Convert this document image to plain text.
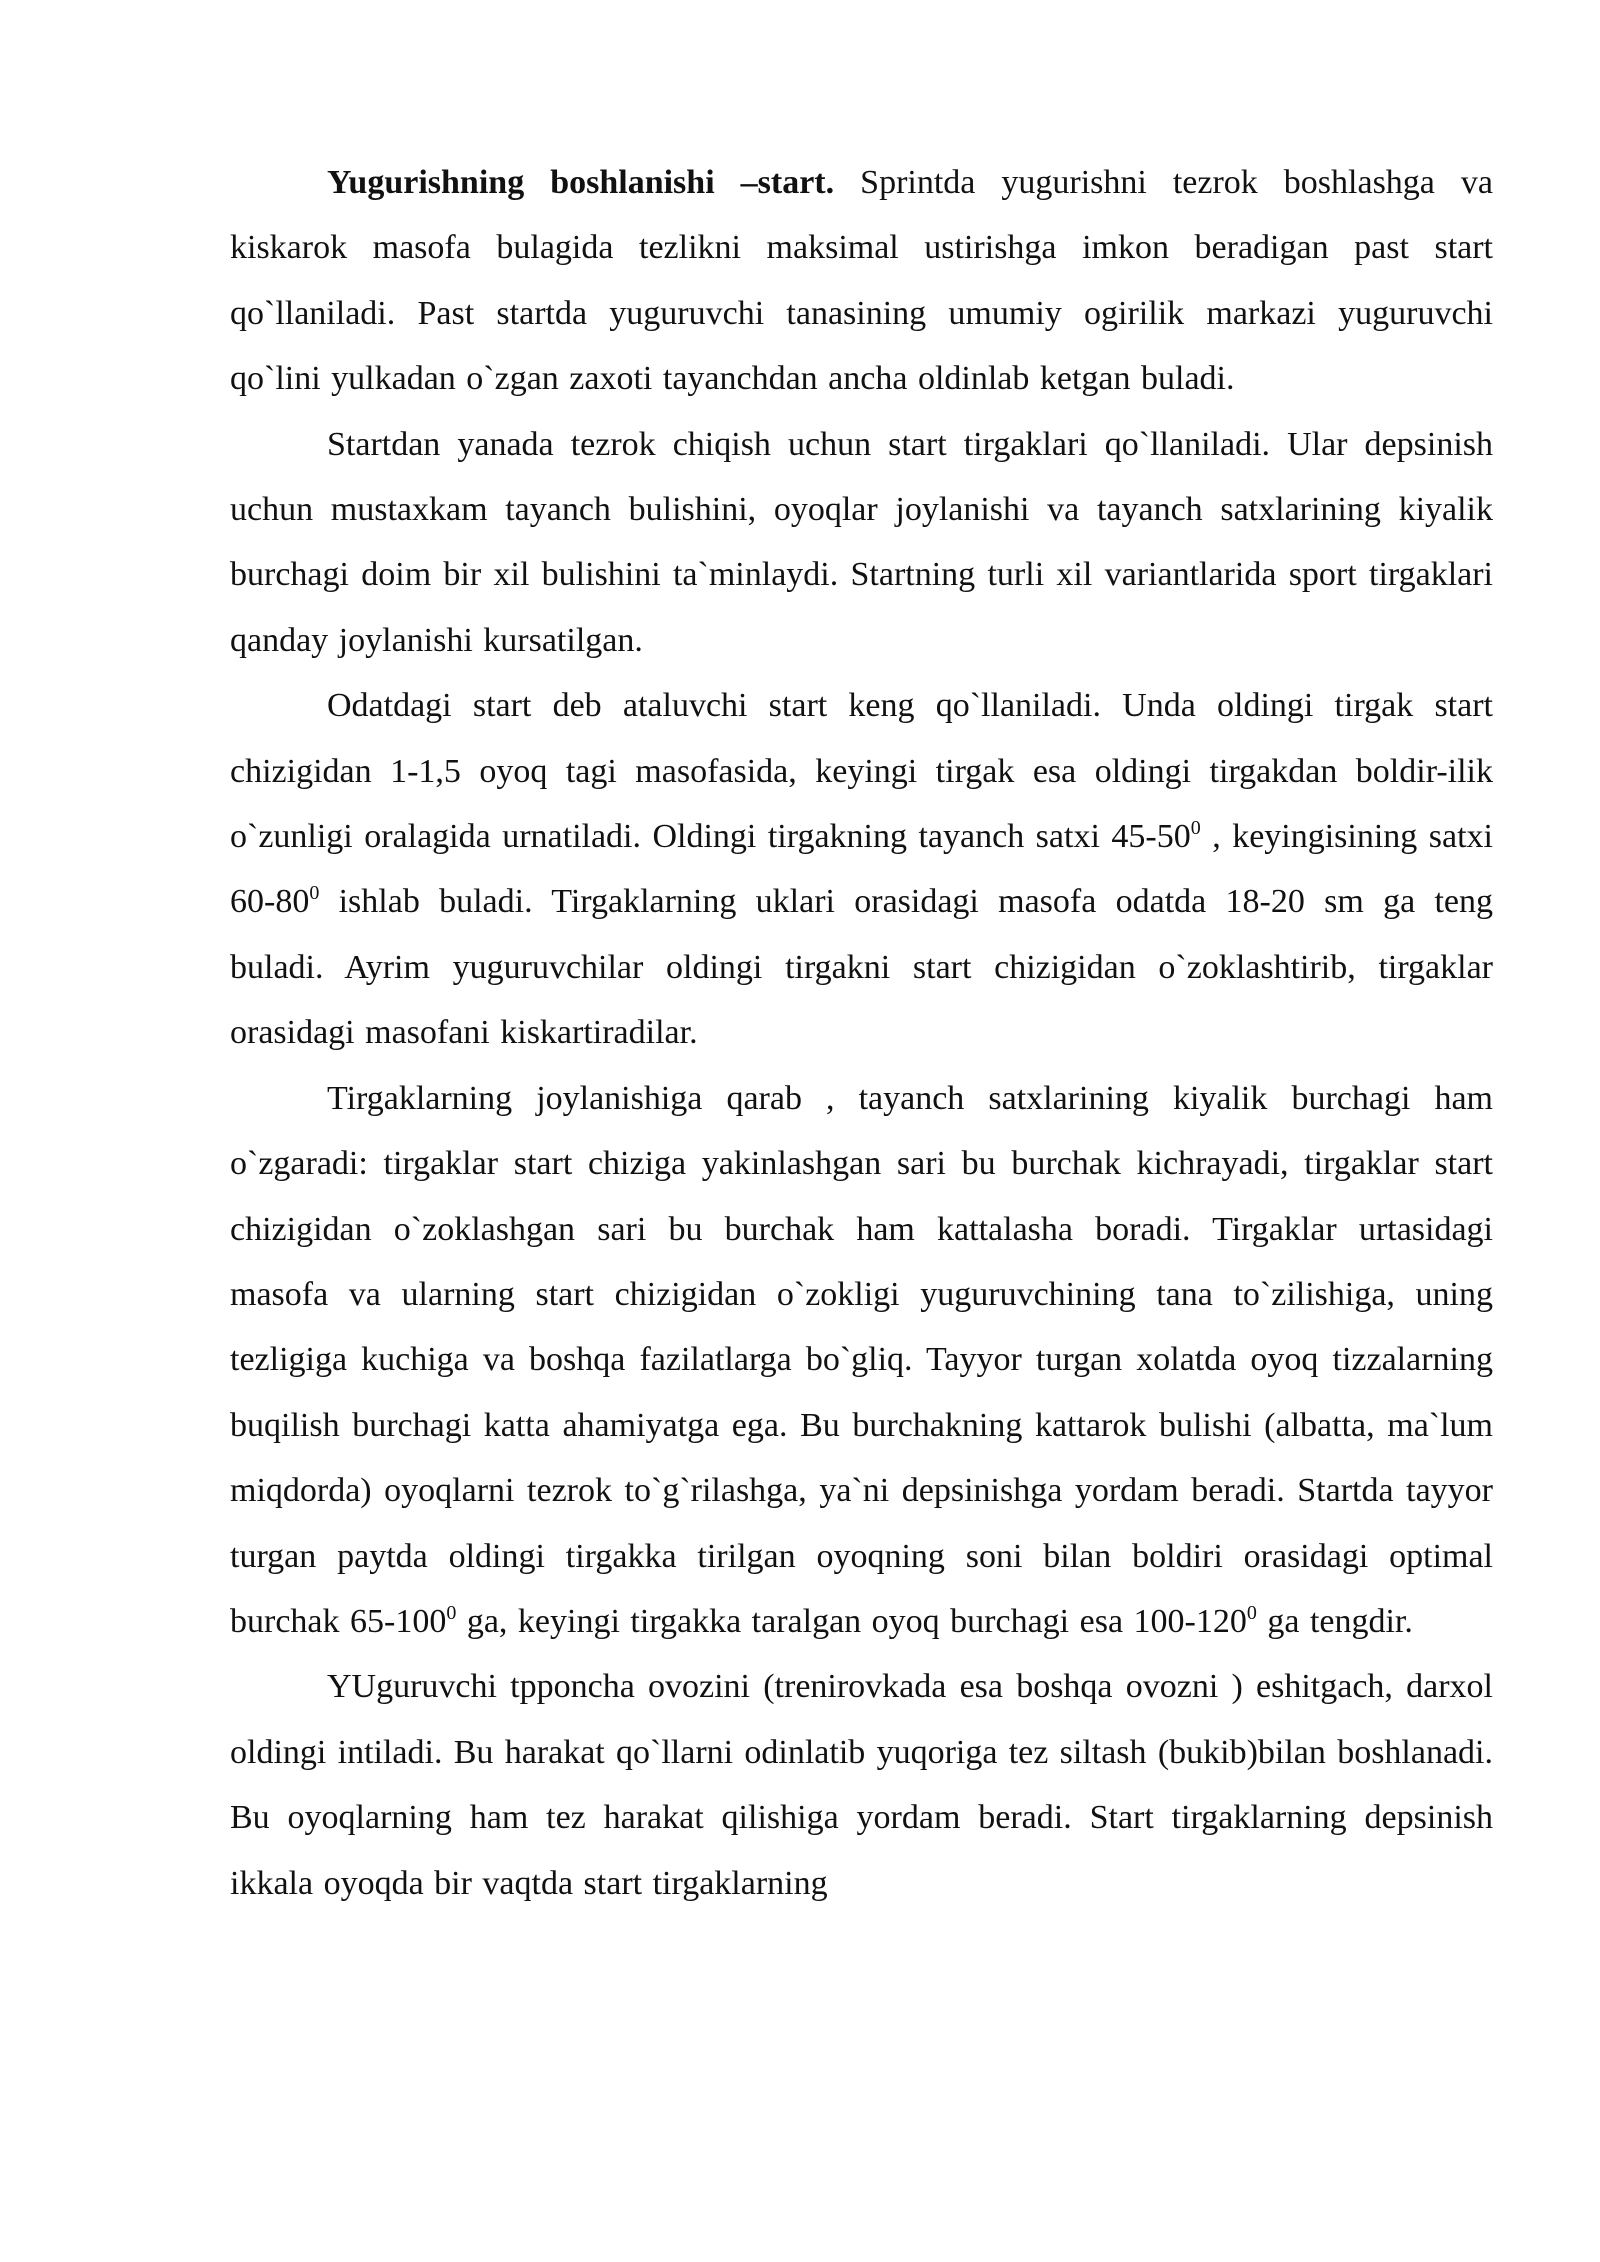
Yugurishning boshlanishi –start. Sprintda yugurishni tezrok boshlashga va kiskarok masofa bulagida tezlikni maksimal ustirishga imkon beradigan past start qo`llaniladi. Past startda yuguruvchi tanasining umumiy ogirilik markazi yuguruvchi qo`lini yulkadan o`zgan zaxoti tayanchdan ancha oldinlab ketgan buladi.

Startdan yanada tezrok chiqish uchun start tirgaklari qo`llaniladi. Ular depsinish uchun mustaxkam tayanch bulishini, oyoqlar joylanishi va tayanch satxlarining kiyalik burchagi doim bir xil bulishini ta`minlaydi. Startning turli xil variantlarida sport tirgaklari qanday joylanishi kursatilgan.

Odatdagi start deb ataluvchi start keng qo`llaniladi. Unda oldingi tirgak start chizigidan 1-1,5 oyoq tagi masofasida, keyingi tirgak esa oldingi tirgakdan boldir-ilik o`zunligi oralagida urnatiladi. Oldingi tirgakning tayanch satxi $45-50^0$ , keyingisining satxi $60-80^0$ ishlab buladi. Tirgaklarning uklari orasidagi masofa odatda 18-20 sm ga teng buladi. Ayrim yuguruvchilar oldingi tirgakni start chizigidan o`zoklashtirib, tirgaklar orasidagi masofani kiskartiradilar.

Tirgaklarning joylanishiga qarab , tayanch satxlarining kiyalik burchagi ham o`zgaradi: tirgaklar start chiziga yakinlashgan sari bu burchak kichrayadi, tirgaklar start chizigidan o`zoklashgan sari bu burchak ham kattalasha boradi. Tirgaklar urtasidagi masofa va ularning start chizigidan o`zokligi yuguruvchining tana to`zilishiga, uning tezligiga kuchiga va boshqa fazilatlarga bo`gliq. Tayyor turgan xolatda oyoq tizzalarning buqilish burchagi katta ahamiyatga ega. Bu burchakning kattarok bulishi (albatta, ma`lum miqdorda) oyoqlarni tezrok to`g`rilashga, ya`ni depsinishga yordam beradi. Startda tayyor turgan paytda oldingi tirgakka tirilgan oyoqning soni bilan boldiri orasidagi optimal burchak $65-100^0$ ga, keyingi tirgakka taralgan oyoq burchagi esa $100-120^0$ ga tengdir.

YUguruvchi tpponcha ovozini (trenirovkada esa boshqa ovozni ) eshitgach, darxol oldingi intiladi. Bu harakat qo`llarni odinlatib yuqoriga tez siltash (bukib)bilan boshlanadi. Bu oyoqlarning ham tez harakat qilishiga yordam beradi. Start tirgaklarning depsinish ikkala oyoqda bir vaqtda start tirgaklarning
